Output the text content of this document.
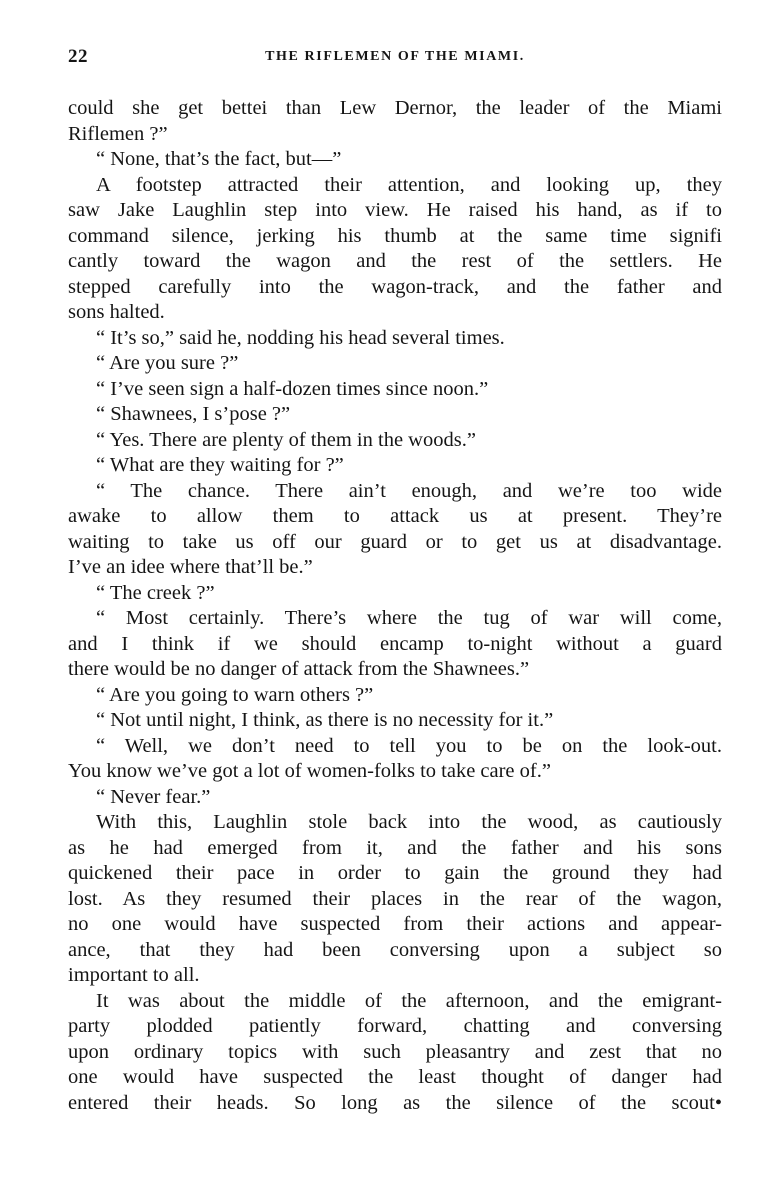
22	THE RIFLEMEN OF THE MIAMI.
could she get bettei than Lew Dernor, the leader of the Miami
Riflemen ?”
“ None, that’s the fact, but—”
A footstep attracted their attention, and looking up, they
saw Jake Laughlin step into view. He raised his hand, as if to
command silence, jerking his thumb at the same time signifi
cantly toward the wagon and the rest of the settlers. He
stepped carefully into the wagon-track, and the father and
sons halted.
“ It’s so,” said he, nodding his head several times.
“ Are you sure ?”
“ I’ve seen sign a half-dozen times since noon.”
“ Shawnees, I s’pose ?”
“ Yes. There are plenty of them in the woods.”
“ What are they waiting for ?”
“ The chance. There ain’t enough, and we’re too wide
awake to allow them to attack us at present. They’re
waiting to take us off our guard or to get us at disadvantage.
I’ve an idee where that’ll be.”
“ The creek ?”
“ Most certainly. There’s where the tug of war will come,
and I think if we should encamp to-night without a guard
there would be no danger of attack from the Shawnees.”
“ Are you going to warn others ?”
“ Not until night, I think, as there is no necessity for it.”
“ Well, we don’t need to tell you to be on the look-out.
You know we’ve got a lot of women-folks to take care of.”
“ Never fear.”
With this, Laughlin stole back into the wood, as cautiously
as he had emerged from it, and the father and his sons
quickened their pace in order to gain the ground they had
lost. As they resumed their places in the rear of the wagon,
no one would have suspected from their actions and appear-
ance, that they had been conversing upon a subject so
important to all.
It was about the middle of the afternoon, and the emigrant-
party plodded patiently forward, chatting and conversing
upon ordinary topics with such pleasantry and zest that no
one would have suspected the least thought of danger had
entered their heads. So long as the silence of the scout•
